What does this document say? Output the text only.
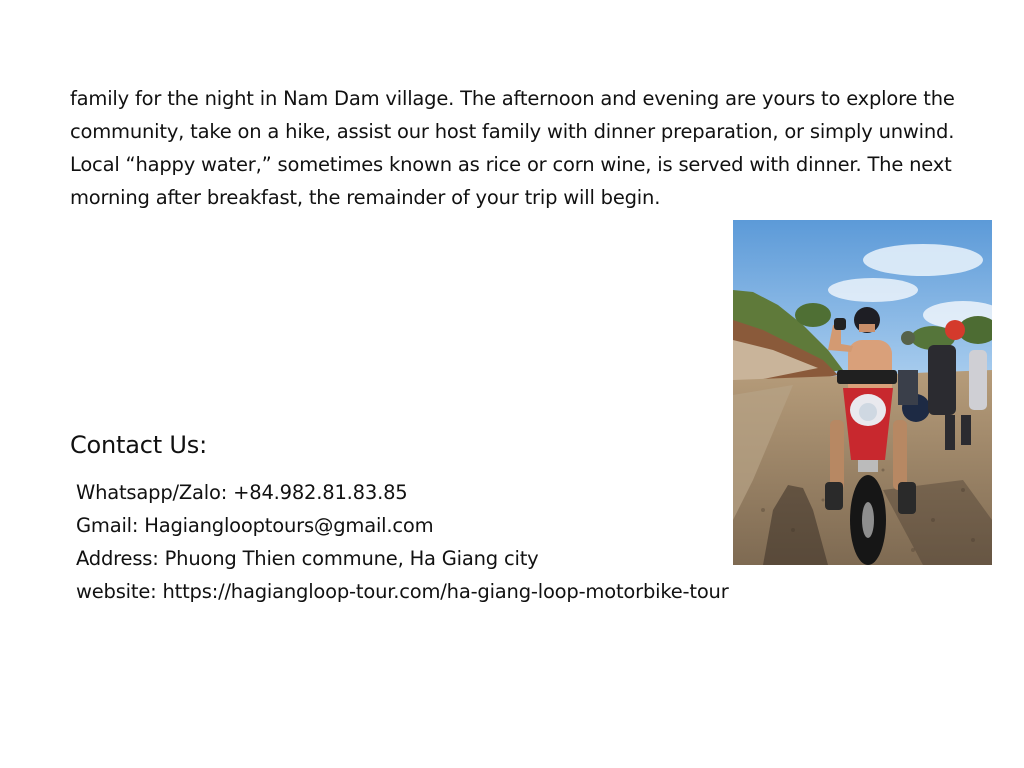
family for the night in Nam Dam village. The afternoon and evening are yours to explore the community, take on a hike, assist our host family with dinner preparation, or simply unwind. Local “happy water,” sometimes known as rice or corn wine, is served with dinner. The next morning after breakfast, the remainder of your trip will begin.

Contact Us:
Whatsapp/Zalo: +84.982.81.83.85
Gmail: Hagianglooptours@gmail.com
Address: Phuong Thien commune, Ha Giang city
website: https://hagiangloop-tour.com/ha-giang-loop-motorbike-tour
